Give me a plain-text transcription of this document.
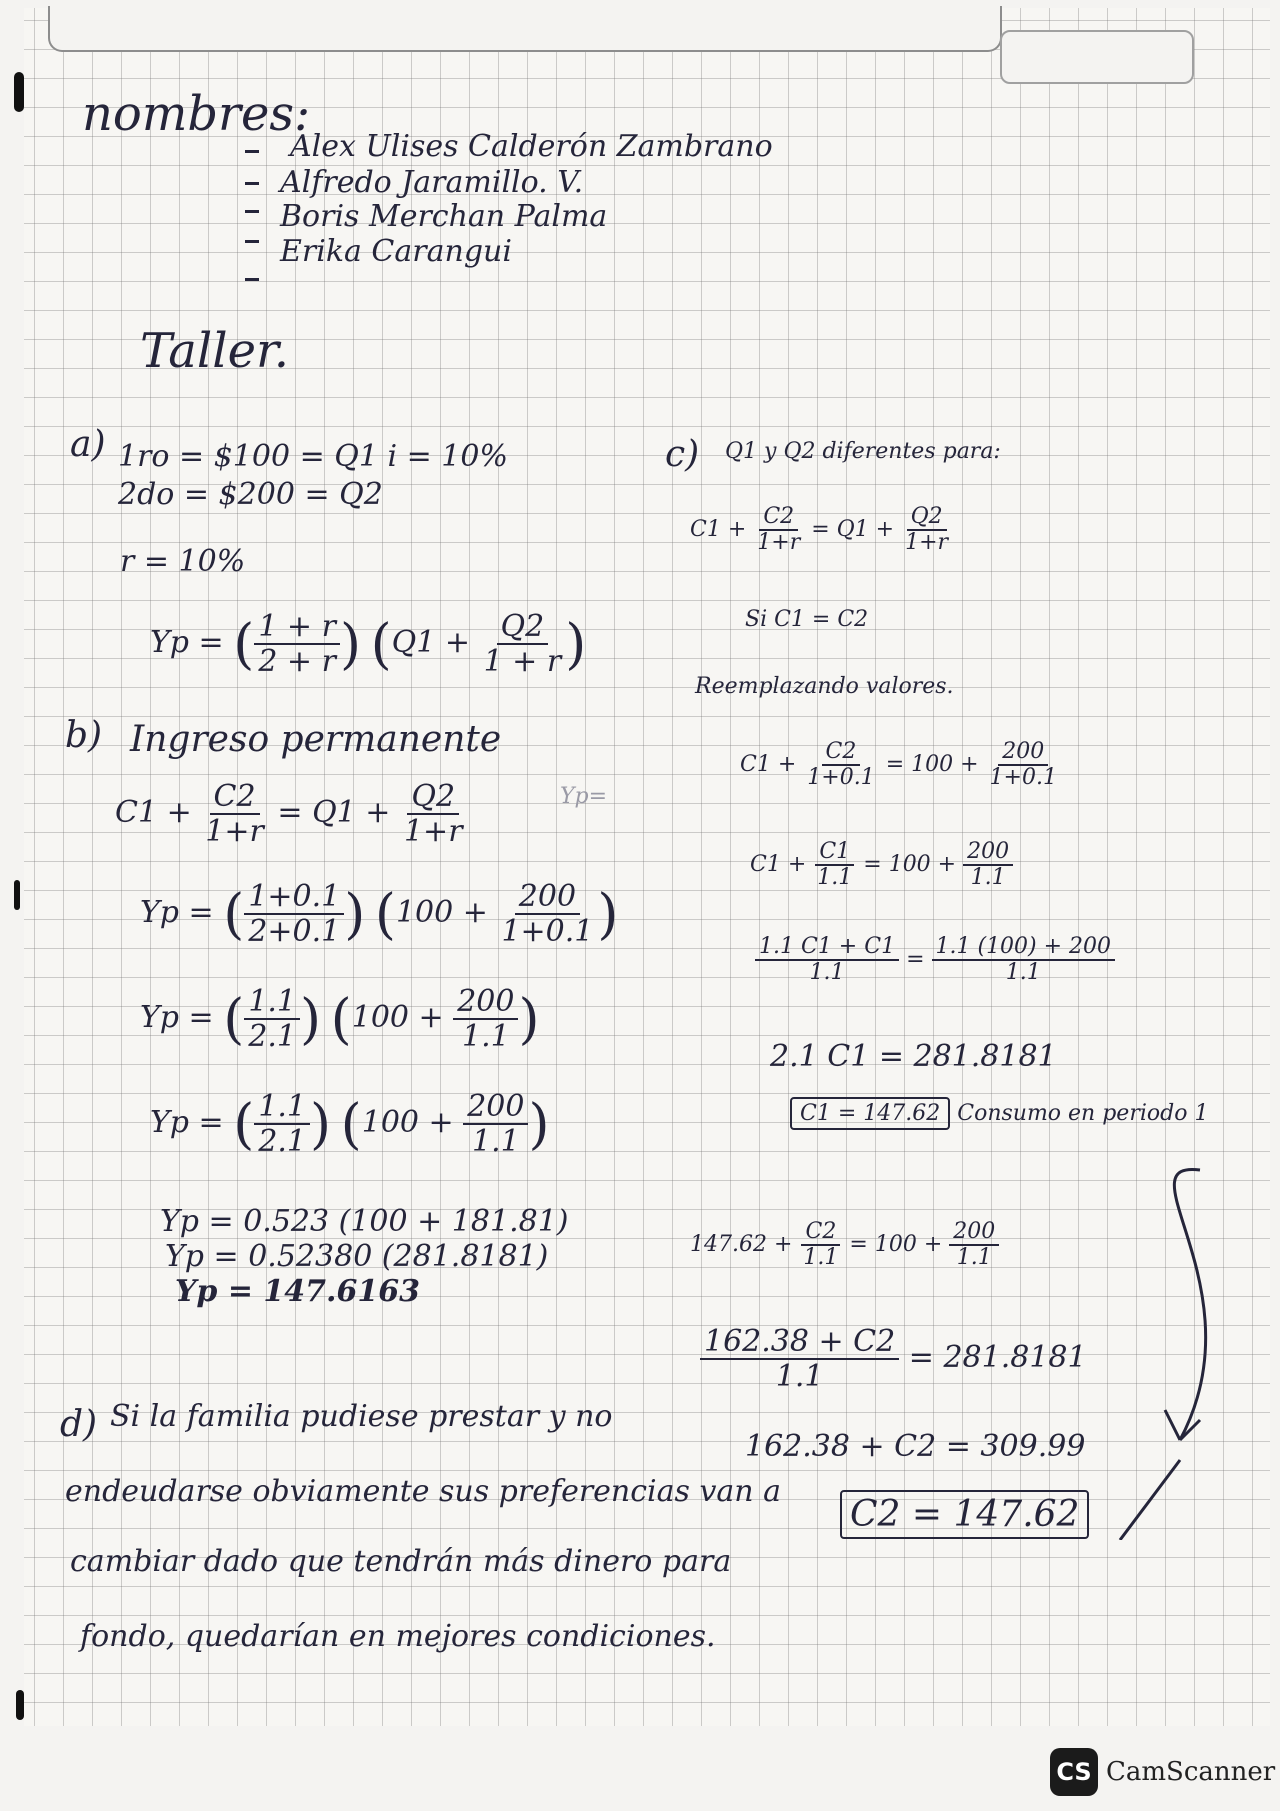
nombres:
Alex Ulises Calderón Zambrano
Alfredo Jaramillo. V.
Boris Merchan Palma
Erika Carangui
Taller.
a) 1ro = $100 = Q1 i = 10%
2do = $200 = Q2
r = 10%
Yp = ( $\frac{1 + r}{2 + r}$ ) ($Q1 + \frac{Q2}{1 + r}$ )
b) Ingreso permanente
$C1 + \frac{C2}{1+r} = Q1 + \frac{Q2}{1+r}$	Yp=
Yp = ( $\frac{1+0.1}{2+0.1}$ ) ($100 + \frac{200}{1+0.1}$ )
Yp = ( $\frac{1.1}{2.1}$ ) ($100 + \frac{200}{1.1}$ )
Yp = ( $\frac{1.1}{2.1}$ ) ($100 + \frac{200}{1.1}$ )
Yp = 0.523 (100 + 181.81)
Yp = 0.52380 (281.8181)
Yp = 147.6163
c) Q1 y Q2 diferentes para:
$C1 + \frac{C2}{1+r} = Q1 + \frac{Q2}{1+r}$
Si C1 = C2
Reemplazando valores.
$C1 + \frac{C2}{1+0.1} = 100 + \frac{200}{1+0.1}$
$C1 + \frac{C1}{1.1} = 100 + \frac{200}{1.1}$
$\frac{1.1 C1 + C1}{1.1} = \frac{1.1 (100) + 200}{1.1}$
2.1 C1 = 281.8181
C1 = 147.62 Consumo en periodo 1
$147.62 + \frac{C2}{1.1} = 100 + \frac{200}{1.1}$
$\frac{162.38 + C2}{1.1} = 281.8181$
162.38 + C2 = 309.99
C2 = 147.62
d) Si la familia pudiese prestar y no
endeudarse obviamente sus preferencias van a
cambiar dado que tendrán más dinero para
fondo, quedarían en mejores condiciones.
CS CamScanner
